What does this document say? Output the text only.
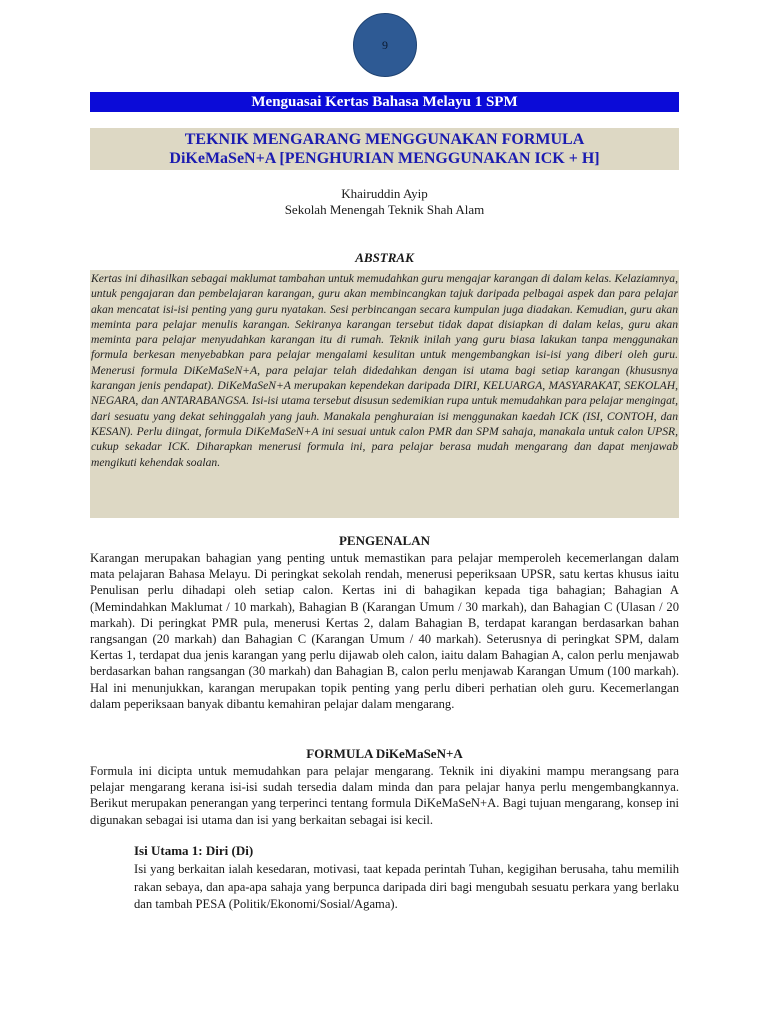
9
Menguasai Kertas Bahasa Melayu 1 SPM
TEKNIK MENGARANG MENGGUNAKAN FORMULA
DiKeMaSeN+A [PENGHURIAN MENGGUNAKAN ICK + H]
Khairuddin Ayip
Sekolah Menengah Teknik Shah Alam
ABSTRAK
Kertas ini dihasilkan sebagai maklumat tambahan untuk memudahkan guru mengajar karangan di dalam kelas. Kelaziamnya, untuk pengajaran dan pembelajaran karangan, guru akan membincangkan tajuk daripada pelbagai aspek dan para pelajar akan mencatat isi-isi penting yang guru nyatakan. Sesi perbincangan secara kumpulan juga diadakan. Kemudian, guru akan meminta para pelajar menulis karangan. Sekiranya karangan tersebut tidak dapat disiapkan di dalam kelas, guru akan meminta para pelajar menyudahkan karangan itu di rumah. Teknik inilah yang guru biasa lakukan tanpa menggunakan formula berkesan menyebabkan para pelajar mengalami kesulitan untuk mengembangkan isi-isi yang diberi oleh guru. Menerusi formula DiKeMaSeN+A, para pelajar telah didedahkan dengan isi utama bagi setiap karangan (khususnya karangan jenis pendapat). DiKeMaSeN+A merupakan kependekan daripada DIRI, KELUARGA, MASYARAKAT, SEKOLAH, NEGARA, dan ANTARABANGSA. Isi-isi utama tersebut disusun sedemikian rupa untuk memudahkan para pelajar mengingat, dari sesuatu yang dekat sehinggalah yang jauh. Manakala penghuraian isi menggunakan kaedah ICK (ISI, CONTOH, dan KESAN). Perlu diingat, formula DiKeMaSeN+A ini sesuai untuk calon PMR dan SPM sahaja, manakala untuk calon UPSR, cukup sekadar ICK. Diharapkan menerusi formula ini, para pelajar berasa mudah mengarang dan dapat menjawab mengikuti kehendak soalan.
PENGENALAN
Karangan merupakan bahagian yang penting untuk memastikan para pelajar memperoleh kecemerlangan dalam mata pelajaran Bahasa Melayu. Di peringkat sekolah rendah, menerusi peperiksaan UPSR, satu kertas khusus iaitu Penulisan perlu dihadapi oleh setiap calon. Kertas ini di bahagikan kepada tiga bahagian; Bahagian A (Memindahkan Maklumat / 10 markah), Bahagian B (Karangan Umum / 30 markah), dan Bahagian C (Ulasan / 20 markah). Di peringkat PMR pula, menerusi Kertas 2, dalam Bahagian B, terdapat karangan berdasarkan bahan rangsangan (20 markah) dan Bahagian C (Karangan Umum / 40 markah). Seterusnya di peringkat SPM, dalam Kertas 1, terdapat dua jenis karangan yang perlu dijawab oleh calon, iaitu dalam Bahagian A, calon perlu menjawab berdasarkan bahan rangsangan (30 markah) dan Bahagian B, calon perlu menjawab Karangan Umum (100 markah). Hal ini menunjukkan, karangan merupakan topik penting yang perlu diberi perhatian oleh guru. Kecemerlangan dalam peperiksaan banyak dibantu kemahiran pelajar dalam mengarang.
FORMULA DiKeMaSeN+A
Formula ini dicipta untuk memudahkan para pelajar mengarang. Teknik ini diyakini mampu merangsang para pelajar mengarang kerana isi-isi sudah tersedia dalam minda dan para pelajar hanya perlu mengembangkannya. Berikut merupakan penerangan yang terperinci tentang formula DiKeMaSeN+A. Bagi tujuan mengarang, konsep ini digunakan sebagai isi utama dan isi yang berkaitan sebagai isi kecil.
Isi Utama 1: Diri (Di)
Isi yang berkaitan ialah kesedaran, motivasi, taat kepada perintah Tuhan, kegigihan berusaha, tahu memilih rakan sebaya, dan apa-apa sahaja yang berpunca daripada diri bagi mengubah sesuatu perkara yang berlaku dan tambah PESA (Politik/Ekonomi/Sosial/Agama).
